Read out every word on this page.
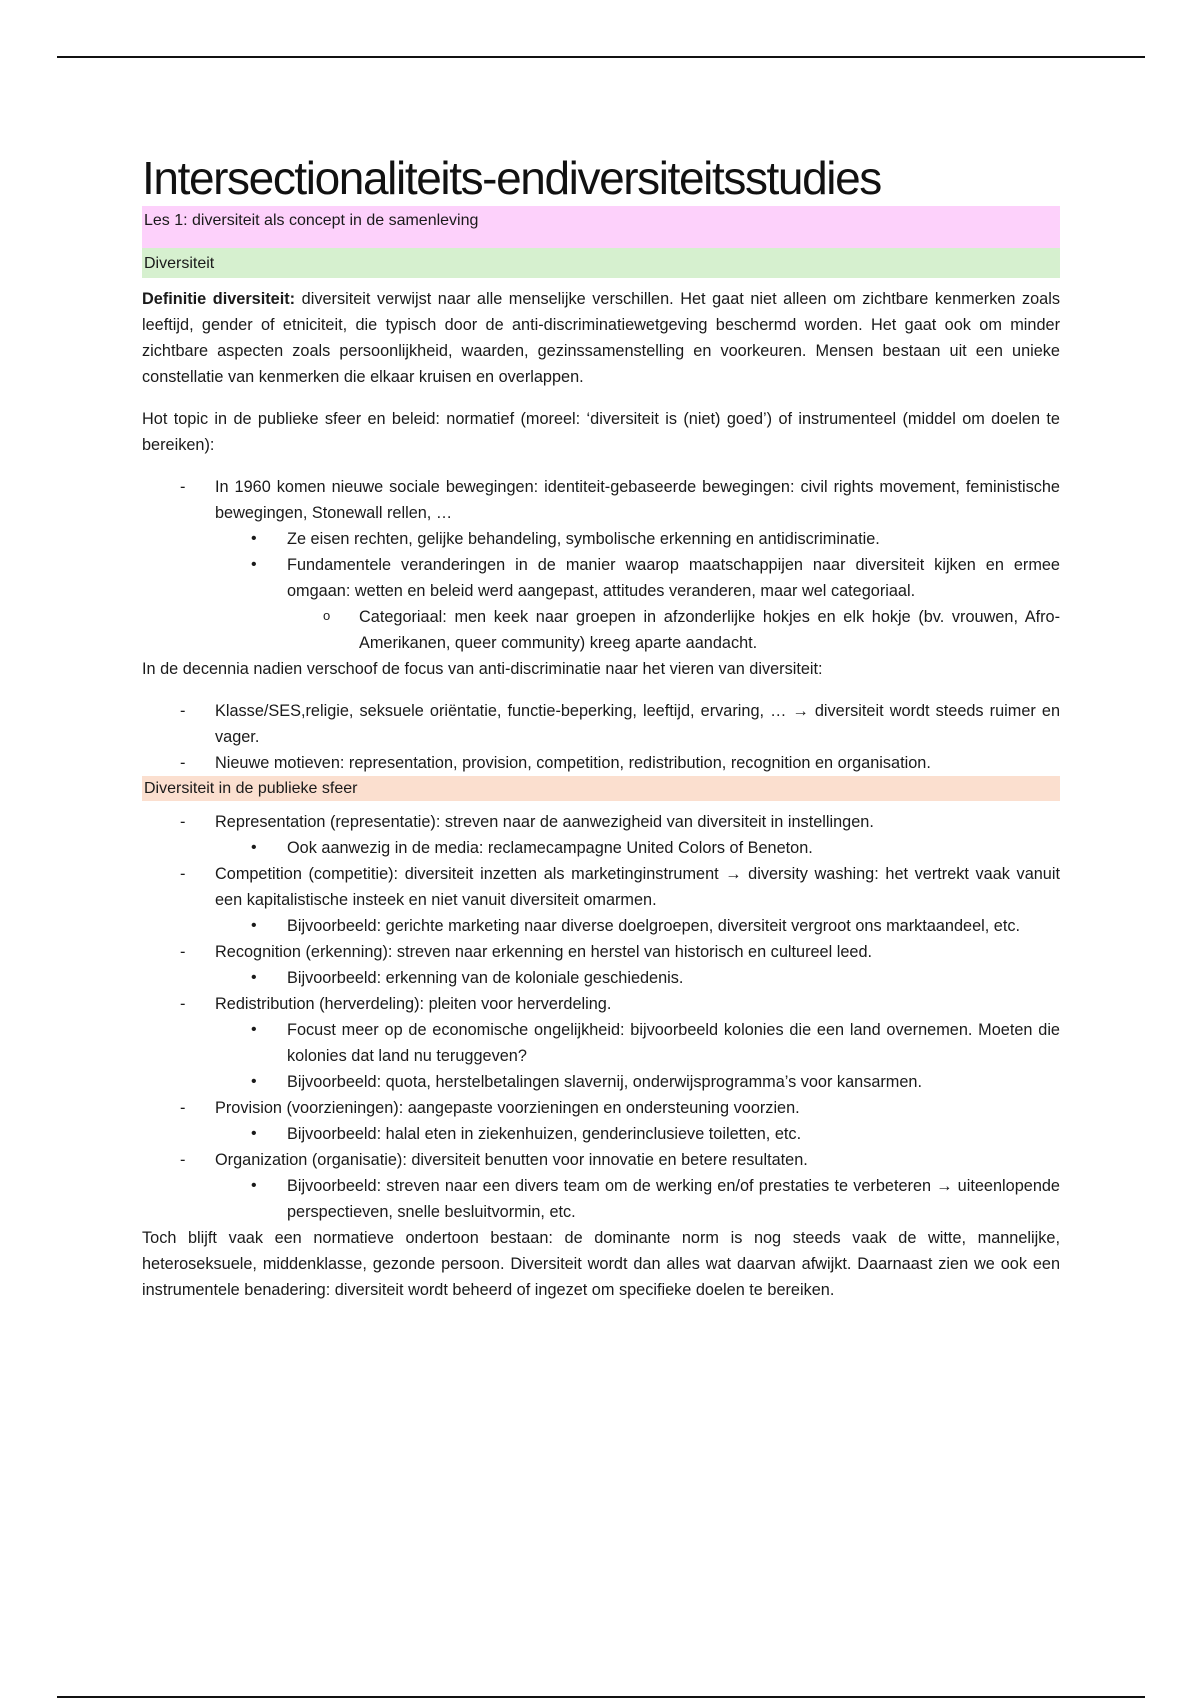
Intersectionaliteits-endiversiteitsstudies
Les 1: diversiteit als concept in de samenleving
Diversiteit

Definitie diversiteit: diversiteit verwijst naar alle menselijke verschillen. Het gaat niet alleen om zichtbare kenmerken zoals leeftijd, gender of etniciteit, die typisch door de anti-discriminatiewetgeving beschermd worden. Het gaat ook om minder zichtbare aspecten zoals persoonlijkheid, waarden, gezinssamenstelling en voorkeuren. Mensen bestaan uit een unieke constellatie van kenmerken die elkaar kruisen en overlappen.

Hot topic in de publieke sfeer en beleid: normatief (moreel: ‘diversiteit is (niet) goed’) of instrumenteel (middel om doelen te bereiken):

- In 1960 komen nieuwe sociale bewegingen: identiteit-gebaseerde bewegingen: civil rights movement, feministische bewegingen, Stonewall rellen, …
• Ze eisen rechten, gelijke behandeling, symbolische erkenning en antidiscriminatie.
• Fundamentele veranderingen in de manier waarop maatschappijen naar diversiteit kijken en ermee omgaan: wetten en beleid werd aangepast, attitudes veranderen, maar wel categoriaal.
o Categoriaal: men keek naar groepen in afzonderlijke hokjes en elk hokje (bv. vrouwen, Afro-Amerikanen, queer community) kreeg aparte aandacht.

In de decennia nadien verschoof de focus van anti-discriminatie naar het vieren van diversiteit:

- Klasse/SES,religie, seksuele oriëntatie, functie-beperking, leeftijd, ervaring, … → diversiteit wordt steeds ruimer en vager.
- Nieuwe motieven: representation, provision, competition, redistribution, recognition en organisation.
Diversiteit in de publieke sfeer
- Representation (representatie): streven naar de aanwezigheid van diversiteit in instellingen.
• Ook aanwezig in de media: reclamecampagne United Colors of Beneton.
- Competition (competitie): diversiteit inzetten als marketinginstrument → diversity washing: het vertrekt vaak vanuit een kapitalistische insteek en niet vanuit diversiteit omarmen.
• Bijvoorbeeld: gerichte marketing naar diverse doelgroepen, diversiteit vergroot ons marktaandeel, etc.
- Recognition (erkenning): streven naar erkenning en herstel van historisch en cultureel leed.
• Bijvoorbeeld: erkenning van de koloniale geschiedenis.
- Redistribution (herverdeling): pleiten voor herverdeling.
• Focust meer op de economische ongelijkheid: bijvoorbeeld kolonies die een land overnemen. Moeten die kolonies dat land nu teruggeven?
• Bijvoorbeeld: quota, herstelbetalingen slavernij, onderwijsprogramma’s voor kansarmen.
- Provision (voorzieningen): aangepaste voorzieningen en ondersteuning voorzien.
• Bijvoorbeeld: halal eten in ziekenhuizen, genderinclusieve toiletten, etc.
- Organization (organisatie): diversiteit benutten voor innovatie en betere resultaten.
• Bijvoorbeeld: streven naar een divers team om de werking en/of prestaties te verbeteren → uiteenlopende perspectieven, snelle besluitvormin, etc.

Toch blijft vaak een normatieve ondertoon bestaan: de dominante norm is nog steeds vaak de witte, mannelijke, heteroseksuele, middenklasse, gezonde persoon. Diversiteit wordt dan alles wat daarvan afwijkt. Daarnaast zien we ook een instrumentele benadering: diversiteit wordt beheerd of ingezet om specifieke doelen te bereiken.
